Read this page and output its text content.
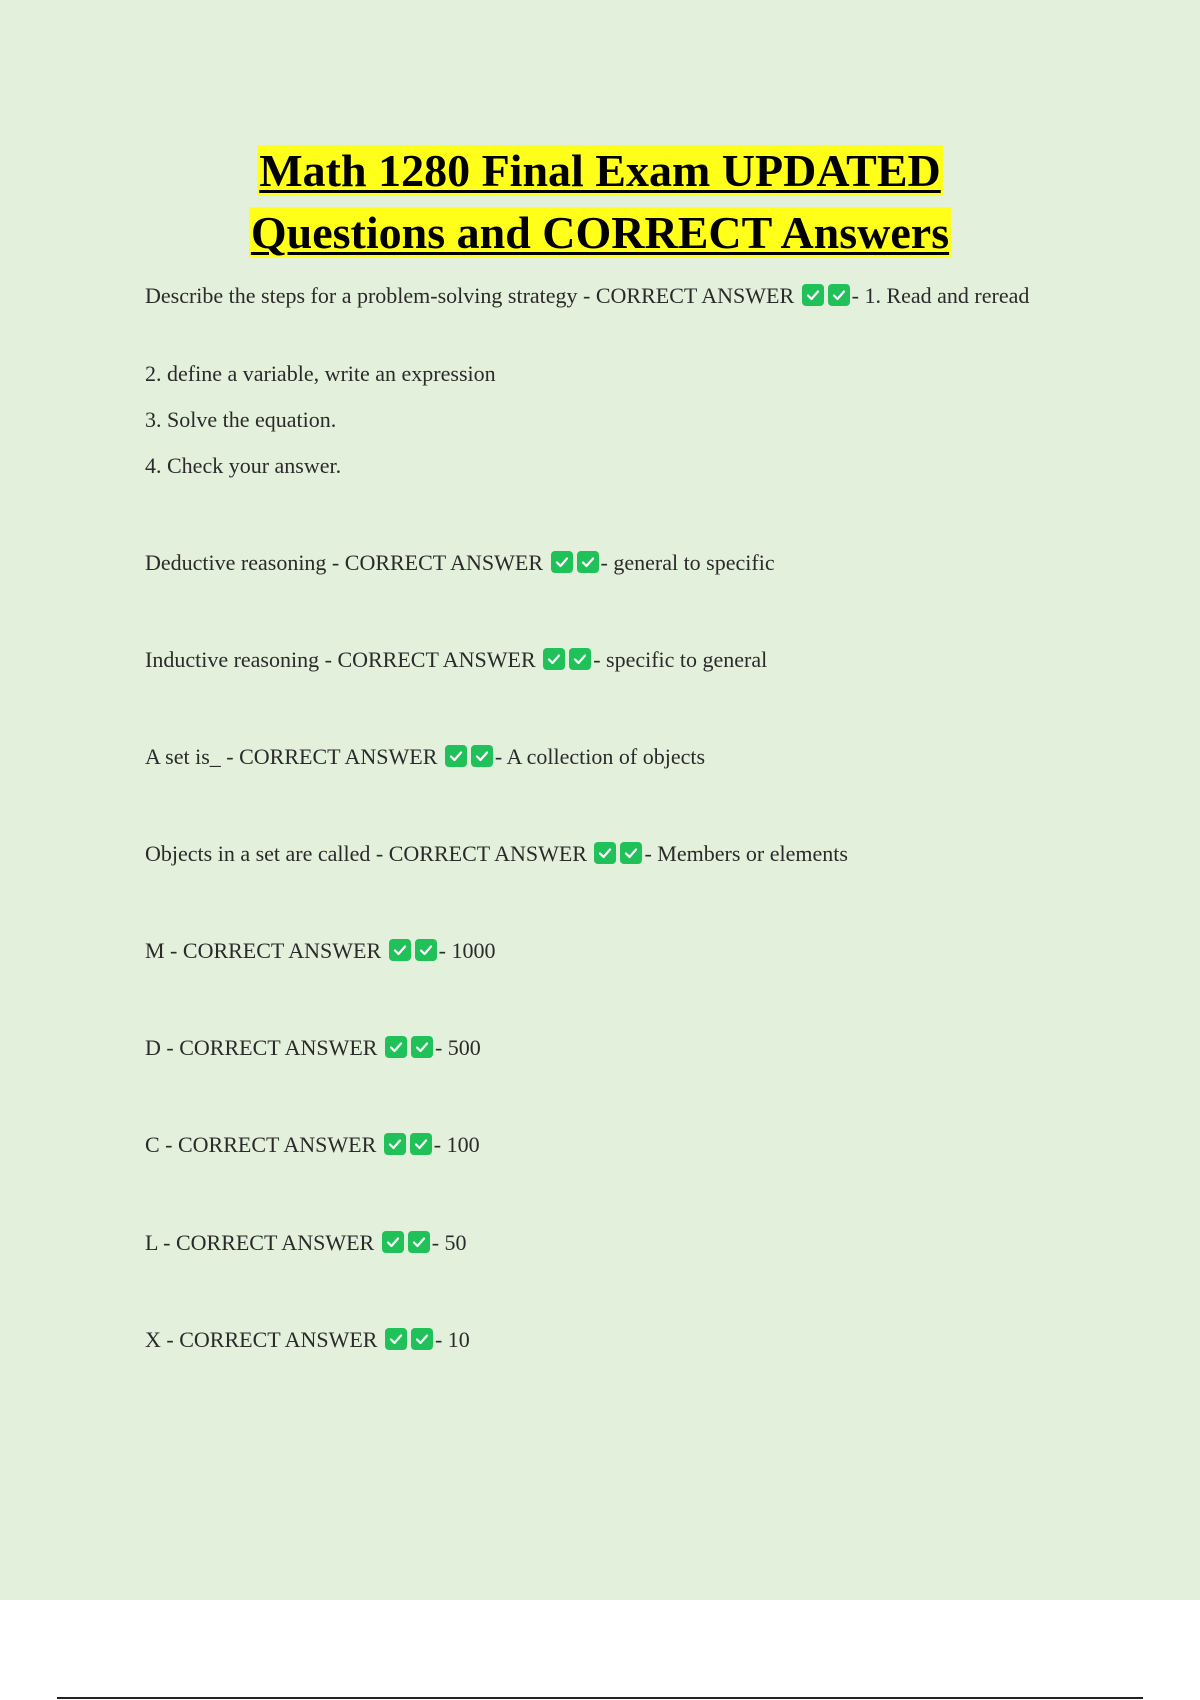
Math 1280 Final Exam UPDATED
Questions and CORRECT Answers
Describe the steps for a problem-solving strategy - CORRECT ANSWER	- 1. Read and reread
2. define a variable, write an expression
3. Solve the equation.
4. Check your answer.
Deductive reasoning - CORRECT ANSWER	- general to specific
Inductive reasoning - CORRECT ANSWER	- specific to general
A set is_ - CORRECT ANSWER	- A collection of objects
Objects in a set are called - CORRECT ANSWER	- Members or elements
M - CORRECT ANSWER	- 1000
D - CORRECT ANSWER	- 500
C - CORRECT ANSWER	- 100
L - CORRECT ANSWER	- 50
X - CORRECT ANSWER	- 10
